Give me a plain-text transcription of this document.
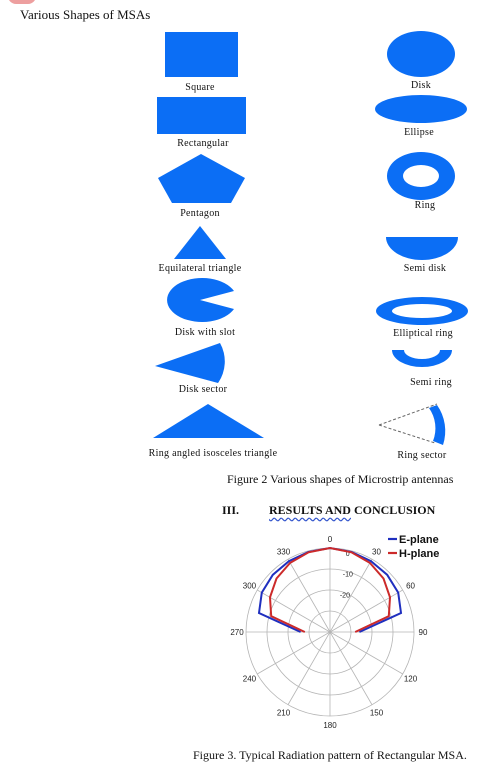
Various Shapes of MSAs
Square
Rectangular
Pentagon
Equilateral triangle
Disk with slot
Disk sector
Ring angled isosceles triangle
Disk
Ellipse
Ring
Semi disk
Elliptical ring
Semi ring
Ring sector
Figure 2 Various shapes of Microstrip antennas
III.	RESULTS AND CONCLUSION
0
30
60
90
120
150
180
210
240
270
300
330	0
-10
-20
E-plane
H-plane
Figure 3. Typical Radiation pattern of Rectangular MSA.
